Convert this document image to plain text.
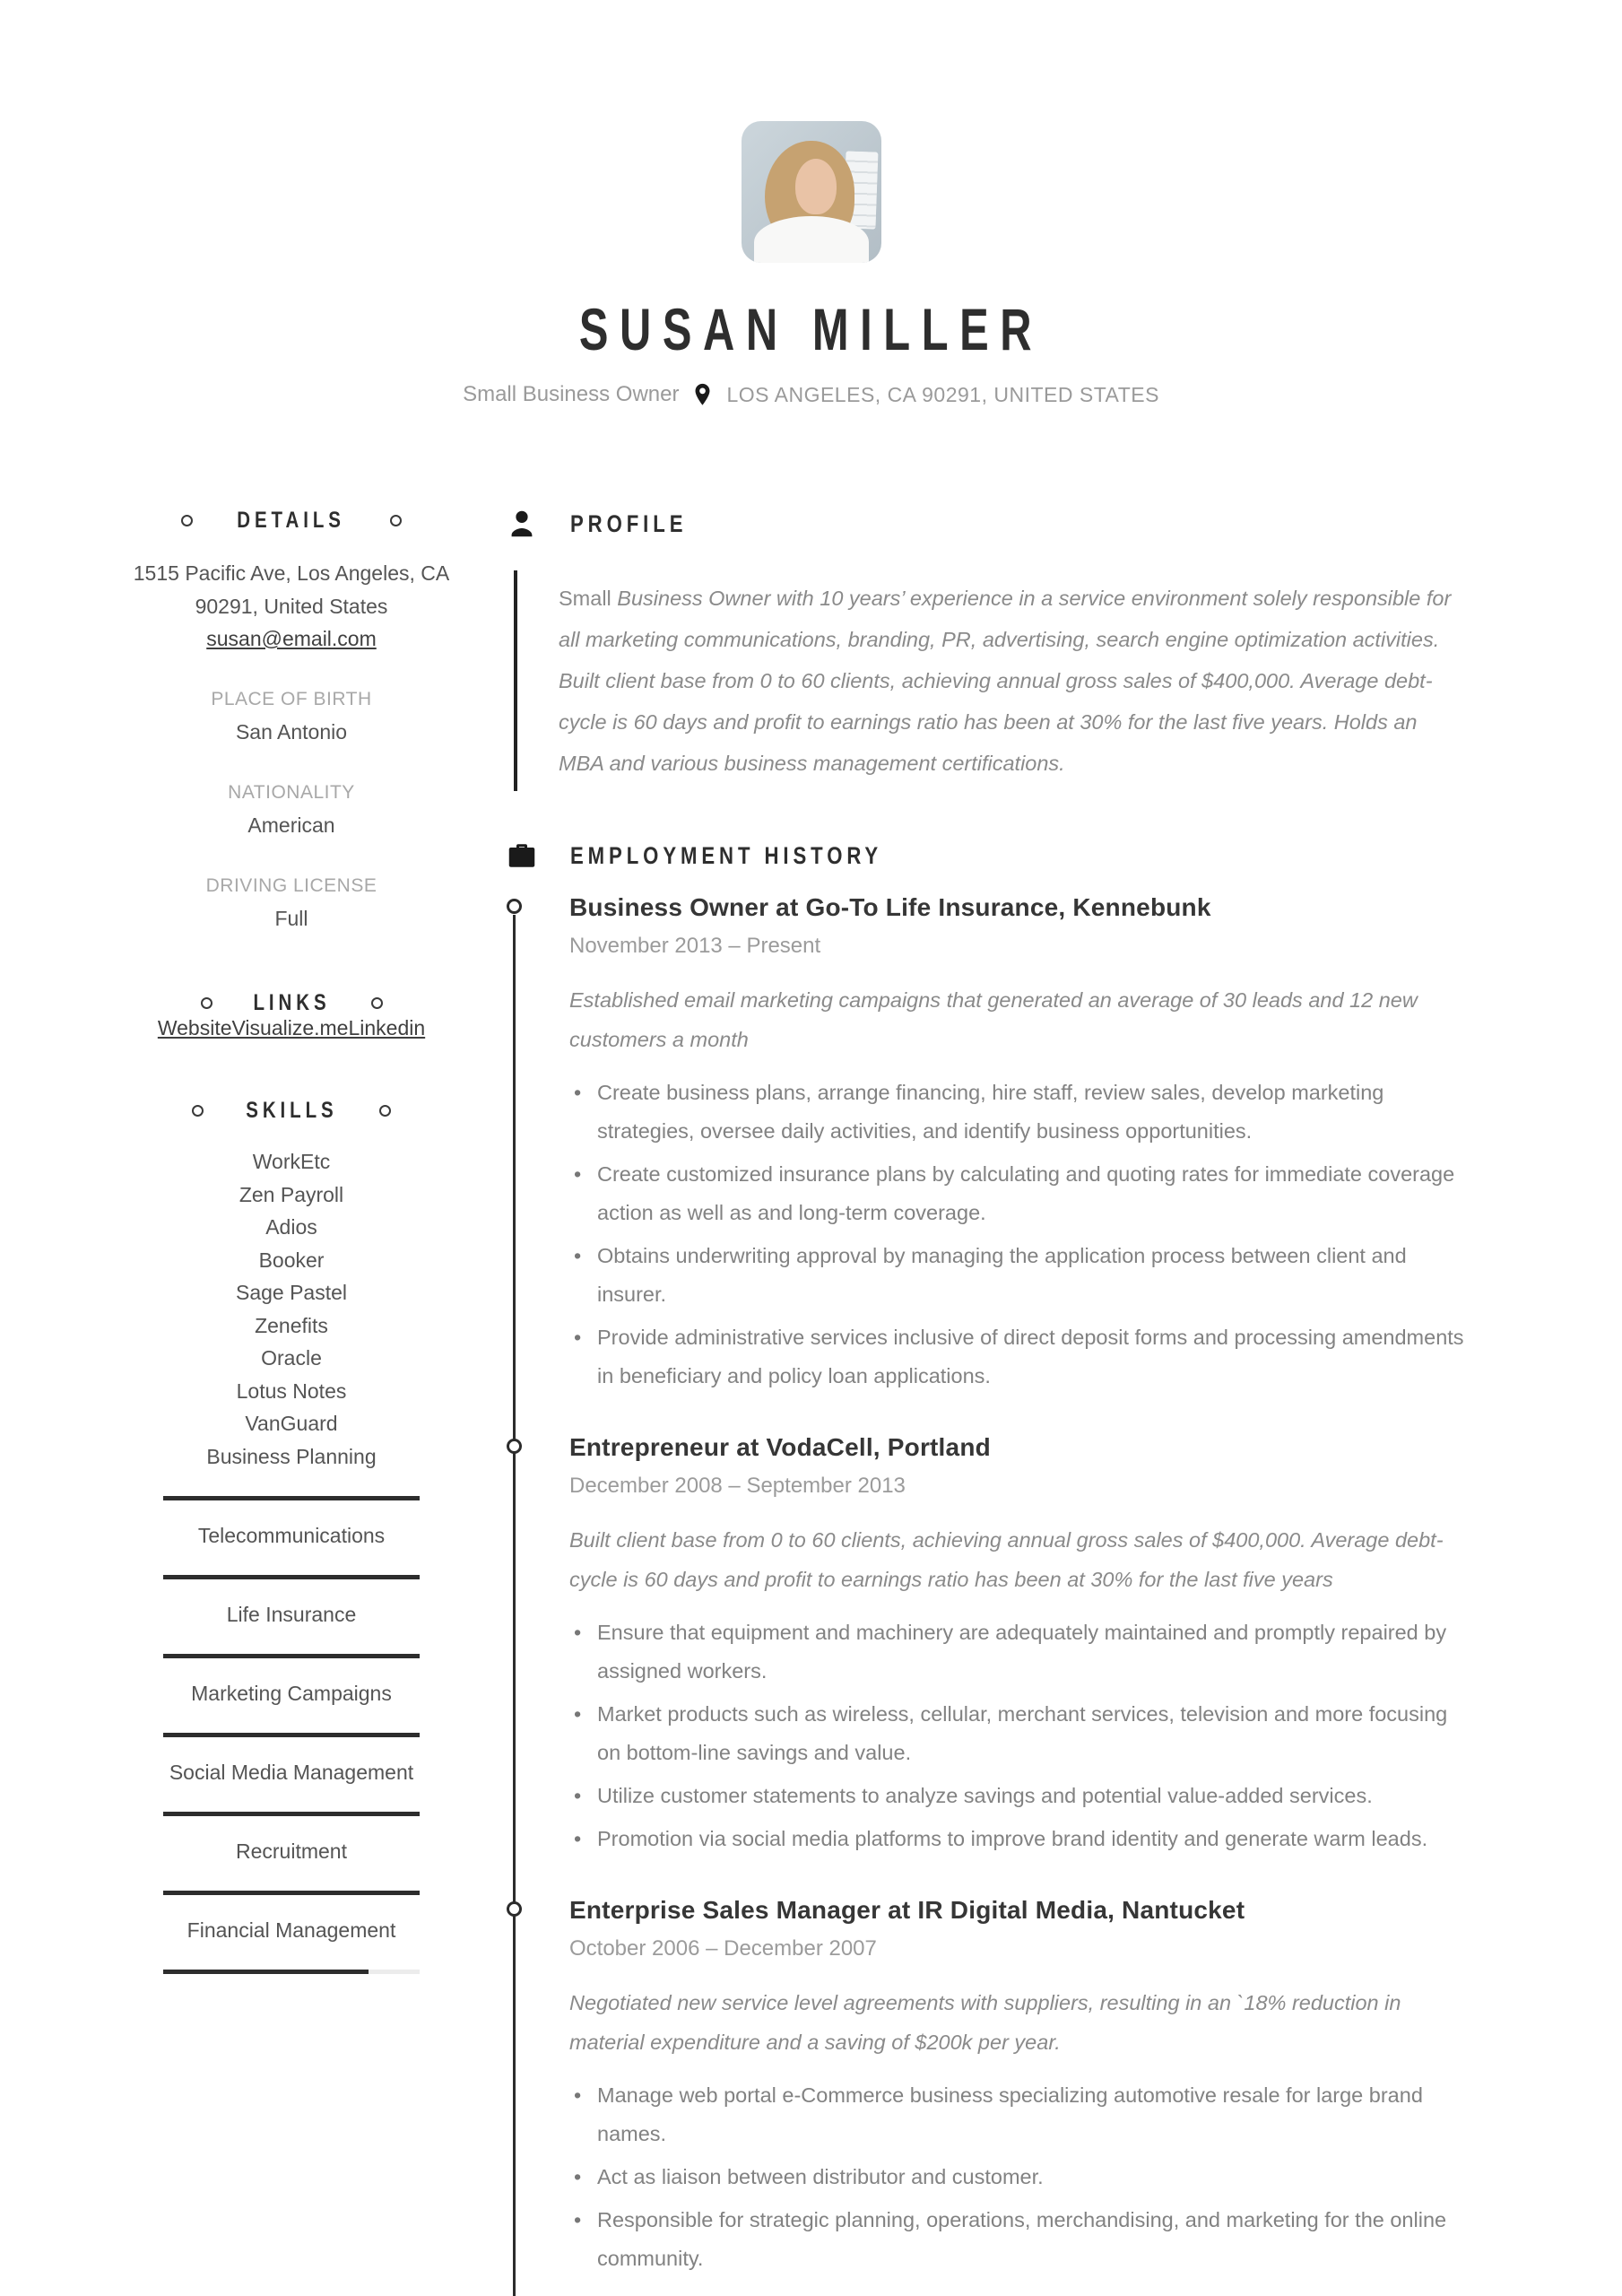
SUSAN MILLER
Small Business Owner LOS ANGELES, CA 90291, UNITED STATES
DETAILS
1515 Pacific Ave, Los Angeles, CA
90291, United States
susan@email.com
PLACE OF BIRTH
San Antonio
NATIONALITY
American
DRIVING LICENSE
Full
LINKS
WebsiteVisualize.meLinkedin
SKILLS
WorkEtc
Zen Payroll
Adios
Booker
Sage Pastel
Zenefits
Oracle
Lotus Notes
VanGuard
Business Planning
Telecommunications
Life Insurance
Marketing Campaigns
Social Media Management
Recruitment
Financial Management
PROFILE

Small Business Owner with 10 years’ experience in a service environment solely responsible for all marketing communications, branding, PR, advertising, search engine optimization activities. Built client base from 0 to 60 clients, achieving annual gross sales of $400,000. Average debt-cycle is 60 days and profit to earnings ratio has been at 30% for the last five years. Holds an MBA and various business management certifications.

EMPLOYMENT HISTORY
Business Owner at Go-To Life Insurance, Kennebunk
November 2013 – Present

Established email marketing campaigns that generated an average of 30 leads and 12 new customers a month

• Create business plans, arrange financing, hire staff, review sales, develop marketing strategies, oversee daily activities, and identify business opportunities.
• Create customized insurance plans by calculating and quoting rates for immediate coverage action as well as and long-term coverage.
• Obtains underwriting approval by managing the application process between client and insurer.
• Provide administrative services inclusive of direct deposit forms and processing amendments in beneficiary and policy loan applications.
Entrepreneur at VodaCell, Portland
December 2008 – September 2013

Built client base from 0 to 60 clients, achieving annual gross sales of $400,000. Average debt-cycle is 60 days and profit to earnings ratio has been at 30% for the last five years

• Ensure that equipment and machinery are adequately maintained and promptly repaired by assigned workers.
• Market products such as wireless, cellular, merchant services, television and more focusing on bottom-line savings and value.
• Utilize customer statements to analyze savings and potential value-added services.
• Promotion via social media platforms to improve brand identity and generate warm leads.
Enterprise Sales Manager at IR Digital Media, Nantucket
October 2006 – December 2007

Negotiated new service level agreements with suppliers, resulting in an `18% reduction in material expenditure and a saving of $200k per year.

• Manage web portal e-Commerce business specializing automotive resale for large brand names.
• Act as liaison between distributor and customer.
• Responsible for strategic planning, operations, merchandising, and marketing for the online community.
